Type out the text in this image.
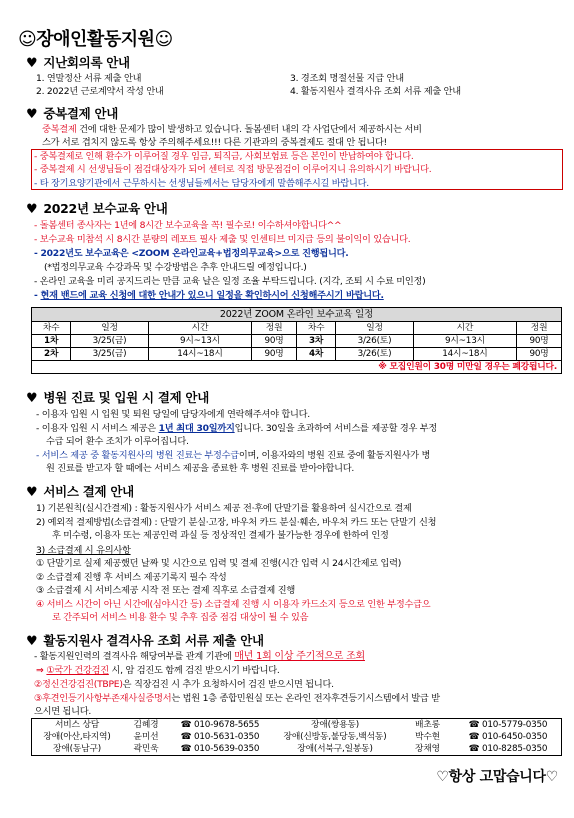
☺장애인활동지원☺
♥ 지난회의록 안내
1. 연말정산 서류 제출 안내	3. 경조회 명절선물 지급 안내
2. 2022년 근로계약서 작성 안내	4. 활동지원사 결격사유 조회 서류 제출 안내
♥ 중복결제 안내
중복결제 건에 대한 문제가 많이 발생하고 있습니다. 돌봄센터 내의 각 사업단에서 제공하시는 서비
스가 서로 겹치지 않도록 항상 주의해주세요!!! 다른 기관과의 중복결제도 절대 안 됩니다!
- 중복결제로 인해 환수가 이루어질 경우 임금, 퇴직금, 사회보험료 등은 본인이 반납하여야 합니다.
- 중복결제 시 선생님들이 점검대상자가 되어 센터로 직접 방문점검이 이루어지니 유의하시기 바랍니다.
- 타 장기요양기관에서 근무하시는 선생님들께서는 담당자에게 말씀해주시길 바랍니다.
♥ 2022년 보수교육 안내
- 돌봄센터 종사자는 1년에 8시간 보수교육을 꼭! 필수로! 이수하셔야합니다^^
- 보수교육 미참석 시 8시간 분량의 레포트 필사 제출 및 인센티브 미지급 등의 불이익이 있습니다.
- 2022년도 보수교육은 <ZOOM 온라인교육+법정의무교육>으로 진행됩니다.
(*법정의무교육 수강과목 및 수강방법은 추후 안내드릴 예정입니다.)
- 온라인 교육을 미리 공지드리는 만큼 교육 날은 일정 조율 부탁드립니다. (지각, 조퇴 시 수료 미인정)
- 현재 밴드에 교육 신청에 대한 안내가 있으니 일정을 확인하시어 신청해주시기 바랍니다.
2022년 ZOOM 온라인 보수교육 일정							
차수	일정	시간	정원	차수	일정	시간	정원
1차	3/25(금)	9시~13시	90명	3차	3/26(토)	9시~13시	90명
2차	3/25(금)	14시~18시	90명	4차	3/26(토)	14시~18시	90명
※ 모집인원이 30명 미만일 경우는 폐강됩니다.							
♥ 병원 진료 및 입원 시 결제 안내
- 이용자 입원 시 입원 및 퇴원 당일에 담당자에게 연락해주셔야 합니다.
- 이용자 입원 시 서비스 제공은 1년 최대 30일까지입니다. 30일을 초과하여 서비스를 제공할 경우 부정
수급 되어 환수 조치가 이루어집니다.
- 서비스 제공 중 활동지원사의 병원 진료는 부정수급이며, 이용자와의 병원 진료 중에 활동지원사가 병
원 진료를 받고자 할 때에는 서비스 제공을 종료한 후 병원 진료를 받아야합니다.
♥ 서비스 결제 안내
1) 기본원칙(실시간결제) : 활동지원사가 서비스 제공 전·후에 단말기를 활용하여 실시간으로 결제
2) 예외적 결제방법(소급결제) : 단말기 분실·고장, 바우처 카드 분실·훼손, 바우처 카드 또는 단말기 신청
후 미수령, 이용자 또는 제공인력 과실 등 정상적인 결제가 불가능한 경우에 한하여 인정
3) 소급결제 시 유의사항
① 단말기로 실제 제공했던 날짜 및 시간으로 입력 및 결제 진행(시간 입력 시 24시간제로 입력)
② 소급결제 진행 후 서비스 제공기록지 필수 작성
③ 소급결제 시 서비스제공 시작 전 또는 결제 직후로 소급결제 진행
④ 서비스 시간이 아닌 시간에(심야시간 등) 소급결제 진행 시 이용자 카드소지 등으로 인한 부정수급으
로 간주되어 서비스 비용 환수 및 추후 집중 점검 대상이 될 수 있음
♥ 활동지원사 결격사유 조회 서류 제출 안내
- 활동지원인력의 결격사유 해당여부를 관계 기관에 매년 1회 이상 주기적으로 조회
⇒ ①국가 건강검진 시, 암 검진도 함께 검진 받으시기 바랍니다.
②정신건강검진(TBPE)은 직장검진 시 추가 요청하시어 검진 받으시면 됩니다.
③후견인등기사항부존재사실증명서는 법원 1층 종합민원실 또는 온라인 전자후견등기시스템에서 발급 받
으시면 됩니다.
서비스 상담	김혜경	☎ 010-9678-5655	장애(쌍용동)	배초롱	☎ 010-5779-0350
장애(아산,타지역)	윤미선	☎ 010-5631-0350	장애(신방동,불당동,백석동)	박수현	☎ 010-6450-0350
장애(동남구)	곽민욱	☎ 010-5639-0350	장애(서북구,일봉동)	장채영	☎ 010-8285-0350
♡항상 고맙습니다♡
